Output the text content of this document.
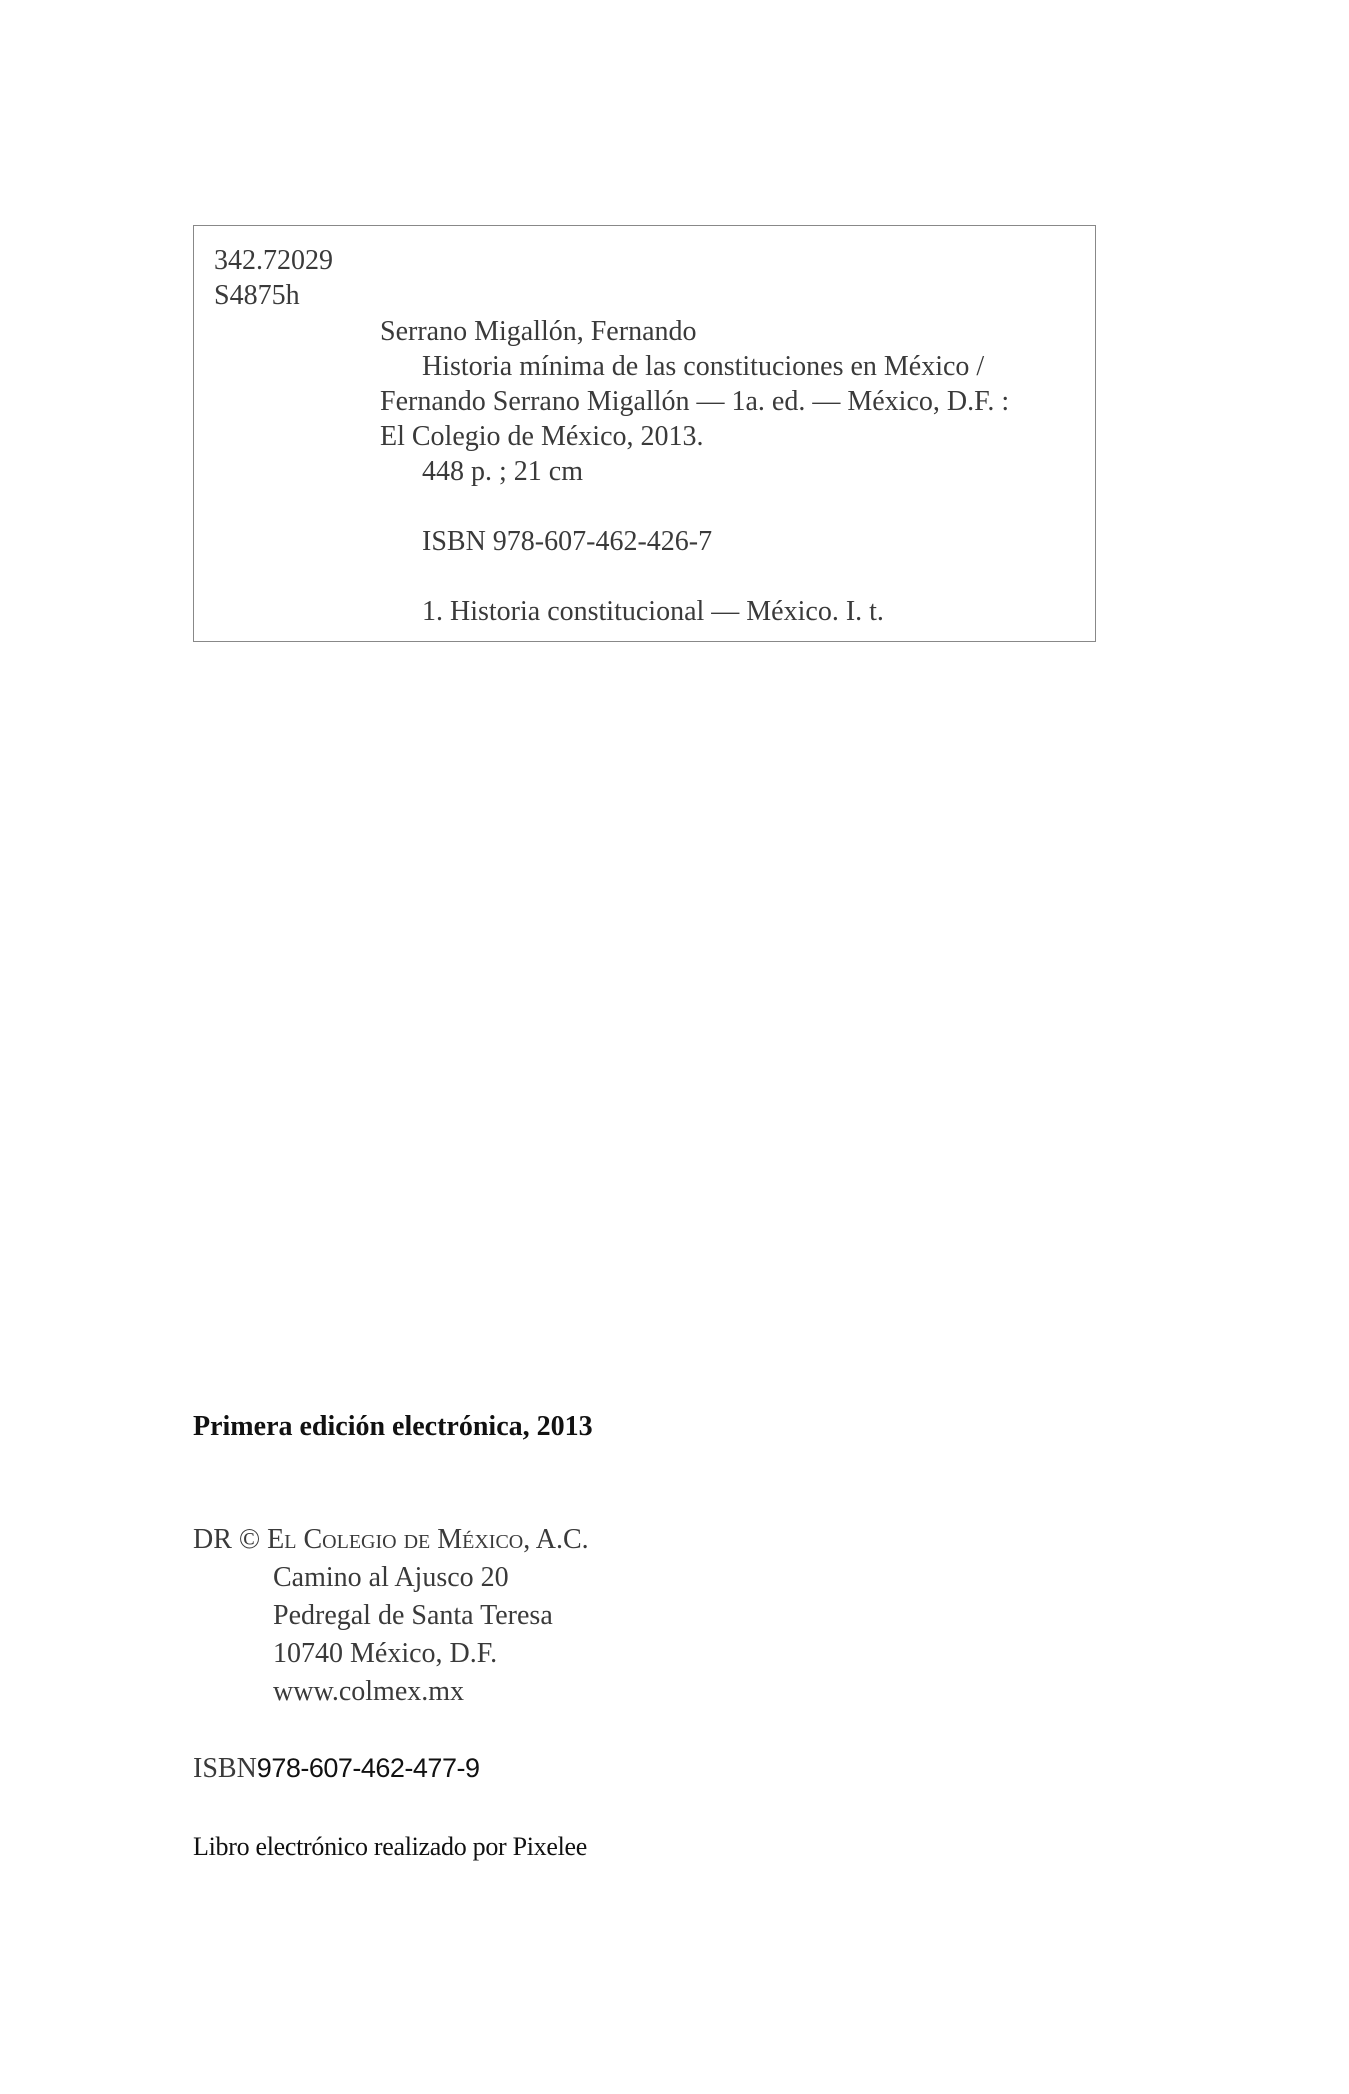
342.72029
S4875h
Serrano Migallón, Fernando
Historia mínima de las constituciones en México /
Fernando Serrano Migallón — 1a. ed. — México, D.F. :
El Colegio de México, 2013.
448 p. ; 21 cm
ISBN 978-607-462-426-7
1. Historia constitucional — México. I. t.
Primera edición electrónica, 2013
DR © El Colegio de México, A.C.
Camino al Ajusco 20
Pedregal de Santa Teresa
10740 México, D.F.
www.colmex.mx
ISBN978-607-462-477-9
Libro electrónico realizado por Pixelee
